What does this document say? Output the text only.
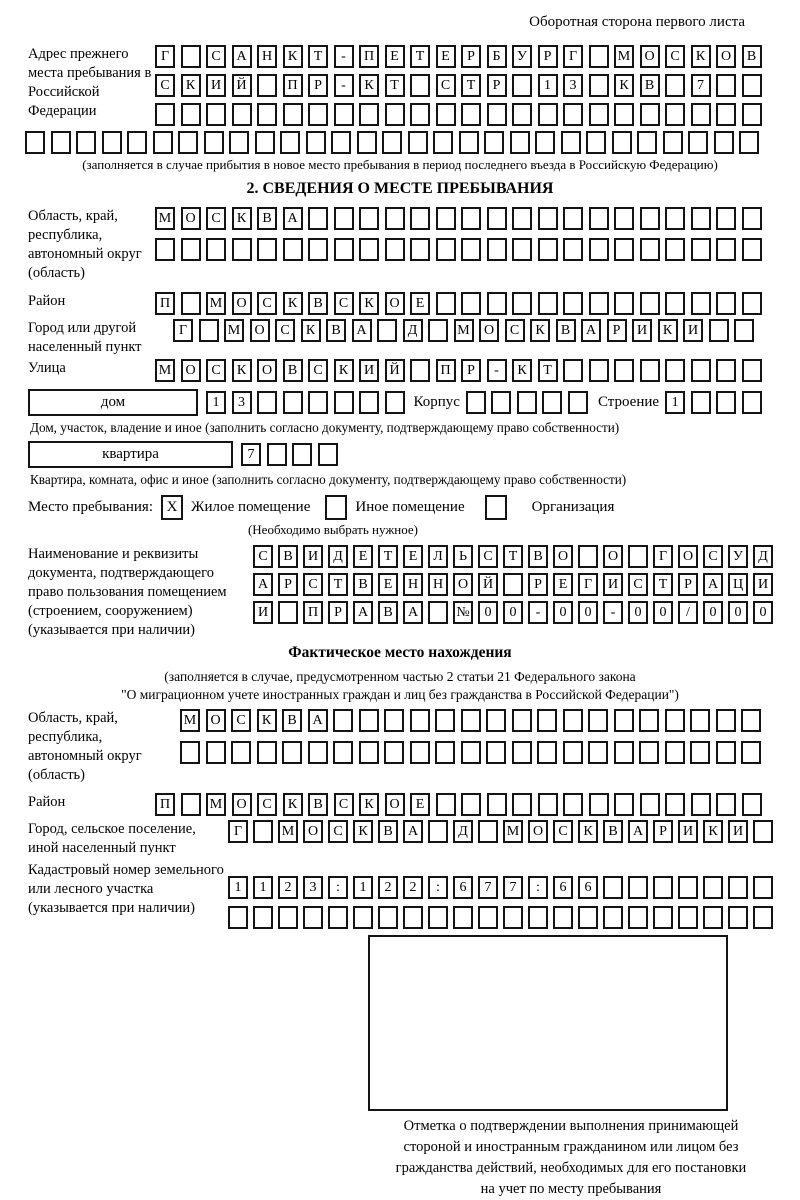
Оборотная сторона первого листа
Адрес прежнего места пребывания в Российской Федерации
Г	С	А	Н	К	Т	-	П	Е	Т	Е	Р	Б	У	Р	Г	М	О	С	К	О	В
С	К	И	Й	П	Р	-	К	Т	С	Т	Р	1	3	К	В	7
(заполняется в случае прибытия в новое место пребывания в период последнего въезда в Российскую Федерацию)
2. СВЕДЕНИЯ О МЕСТЕ ПРЕБЫВАНИЯ
Область, край, республика, автономный округ (область)
М	О	С	К	В	А
Район	П	М	О	С	К	В	С	К	О	Е
Город или другой населенный пункт
Г	М	О	С	К	В	А	Д	М	О	С	К	В	А	Р	И	К	И
Улица	М	О	С	К	О	В	С	К	И	Й	П	Р	-	К	Т
дом	1	3	Корпус	Строение 1
Дом, участок, владение и иное (заполнить согласно документу, подтверждающему право собственности)
квартира	7
Квартира, комната, офис и иное (заполнить согласно документу, подтверждающему право собственности)
Место пребывания: X Жилое помещение	Иное помещение	Организация
(Необходимо выбрать нужное)
Наименование и реквизиты документа, подтверждающего право пользования помещением (строением, сооружением) (указывается при наличии)
С	В	И	Д	Е	Т	Е	Л	Ь	С	Т	В	О	О	Г	О	С	У	Д
А	Р	С	Т	В	Е	Н	Н	О	Й	Р	Е	Г	И	С	Т	Р	А	Ц	И
И	П	Р	А	В	А	№	0	0	-	0	0	-	0	0	/	0	0	0
Фактическое место нахождения
(заполняется в случае, предусмотренном частью 2 статьи 21 Федерального закона
"О миграционном учете иностранных граждан и лиц без гражданства в Российской Федерации")
Область, край, республика, автономный округ (область)
М	О	С	К	В	А
Район	П	М	О	С	К	В	С	К	О	Е
Город, сельское поселение, иной населенный пункт
Г	М О	С	К	В	А	Д	М О	С	К	В	А	Р	И	К	И
Кадастровый номер земельного или лесного участка (указывается при наличии)
1	1	2	3	:	1	2	2	:	6	7	7	:	6	6
Отметка о подтверждении выполнения принимающей
стороной и иностранным гражданином или лицом без
гражданства действий, необходимых для его постановки
на учет по месту пребывания
